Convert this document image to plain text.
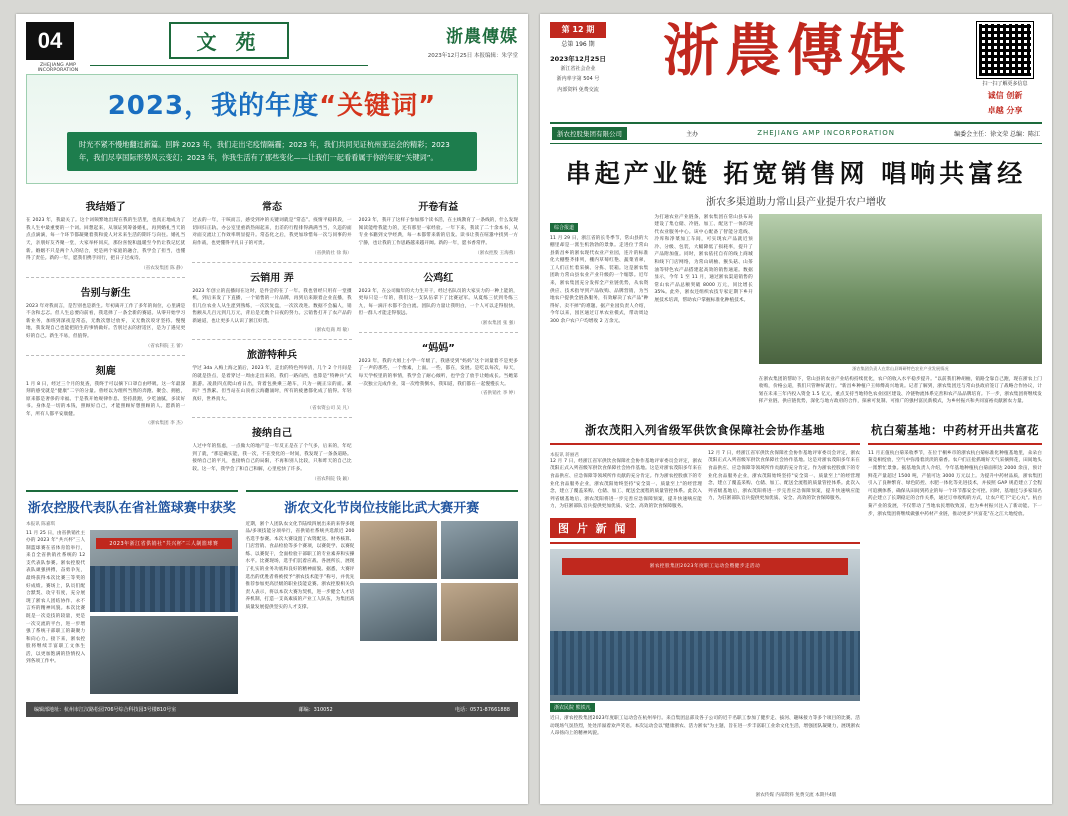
04
ZHEJIANG AMP INCORPORATION
文 苑	浙農傳媒
2023年12月25日 本报编辑：朱学堂
2023，我的年度“关键词”
时光不紧不慢地翻过新篇。回眸 2023 年，我们走出宅疫情隔霾；2023 年，我们共同见证杭州亚运会的精彩；2023 年，我们尽享国际形势风云变幻；2023 年，你我生活有了那些变化——让我们一起看看属于你的年度“关键词”。
我结婚了
在 2023 年，我最关了。这个词频繁地出现在我的生活里，也真正地成为了我人生中最重要的一个词。回想起来，从领证到筹备婚礼，再到婚礼当天的点点滴滴，每一个环节都凝聚着我和爱人对未来生活的期许与向往。婚礼当天，亲朋好友齐聚一堂，大家举杯同庆，那份喜悦和温暖至今仍让我记忆犹新。婚姻不只是两个人的结合，更是两个家庭的融合，我学会了担当，也懂得了责任。新的一年，愿我们携手同行，把日子过成诗。
（省农发集团 陈 静）
告别与新生
2023 年对我而言，是告别也是新生。年初离开工作了多年的岗位，心里满是不舍和忐忑。但人生总要向前看，我选择了一条全新的赛道。从零开始学习新业务，加班到深夜是常态，无数次想过放弃，又无数次咬牙坚持。慢慢地，我发现自己也能把陌生的事情做好。告别过去的舒适区，是为了遇见更好的自己。新生不易，但值得。
（省农科院 王 蕾）
刻鹿
1 月 8 日，经过三个月的复查，我终于可以摘下口罩自由呼吸。这一年最深刻的感受就是“健康”二字的分量。曾经以为理所当然的奔跑、聚会、拥抱，原来都是奢侈的幸福。于是我开始规律作息、坚持晨跑，少吃油腻，多读好书。身体是一切的本钱，照顾好自己，才能照顾好想照顾的人。愿新的一年，所有人都平安康健。
（浙农集团 李 杰）
常态
过去的一年，干咳而言，感受到冲的关键词就是“常态”。疫情平稳转段，一切回归正轨。办公室里重新热闹起来，出差的行程排得满满当当，久违的面对面交流让工作效率明显提升。常态化之后，我更加珍惜每一次与同事的并肩作战，也更懂得平凡日子的可贵。
（省供销社 徐 海）
云销用 弄
2023 年创立的直播间在这时，是件尝的在了一年。我也曾经只用有一堂摄机，到后来发了下直播，一个销售的一片品牌，再到后来跟着企业直播，我们几位农业人从生涩到熟练，一次次复盘，一次次改进。数据不会骗人，销售额从几百元到几万元，背后是无数个日夜的努力。云销售打开了农产品的新通道，也让更多人认识了浙江好货。
（浙农电商 周 敏）
旅游特种兵
学过 3da 入梅上海之旅后，2023 年，走出的特色列举清，几个 2 个月间是的就是热点，是着穿过一周由走出来的，我们一路向西，也算是“特种兵”式旅游。凌晨四点爬山看日出，背着包换乘三趟车，只为一碗正宗的面。累吗？当然累。但当站在山顶看云海翻涌时，所有的疲惫都化成了值得。年轻真好，世界真大。
（省农资公司 吴 凡）
接纳自己
人过中年的焦虑，一点做大的地产是一年反正是在了个气多，后来的，年纪到了就，“那是确实能，我一次，不在变化的一时间，我发现了一条条道路。接纳自己的平凡，也接纳自己的局限，不再和别人比较，只和昨天的自己比较。这一年，我学会了和自己和解，心里松快了许多。
（省农科院 钱 颖）
开卷有益
2023 年，我开了这样子参加那个读书活，在主线教育了一条线的，什么发现阅读能给我能力的，还有那里一家经验。一年下来，我读了二十余本书，从专业书籍到文学经典，每一本都带来新的启发。读书让我在喧嚣中找到一方宁静，也让我的工作思路越来越开阔。新的一年，愿书香常伴。
（浙农控股 王海燕）
公鸡红
2023 年，在公司做年的大力生开干，经过名队员的大家实力的一种上能的，更每只是一年的，我们这一支队伍拿下了比赛冠军。从夏练三伏到冬练三九，每一滴汗水都不会白流。团队的力量让我明白，一个人可以走得很快，但一群人才能走得很远。
（浙农集团 张 强）
“妈妈”
2023 年，我的大姐上小学一年级了，我感受到“妈妈”这个词量着不是更多了一声的那些，一个像素，上面。一些，都在，发展。是吃以每次，每天，每天学校里的的事情，我学会了耐心倾听，也学会了放手让她成长。当她第一次独立完成作业，第一次给我倒水，我知道，我们都在一起慢慢长大。
（省供销社 李 婷）
浙农控股代表队在省社篮球赛中获奖
本报讯 陈嘉琪
11 月 25 日，由省供销社主办的 2023 年“共兴杯”三人制篮球赛在省体育馆举行，来自全省供销社系统的 12 支代表队参赛。浙农控股代表队顽强拼搏，奋勇争先，最终获得本次比赛三等奖的好成绩。赛场上，队员们配合默契、攻守有度，充分展现了浙农人团结协作、永不言弃的精神风貌。本次比赛既是一次竞技的较量，更是一次交流的平台，进一步增强了系统干部职工的凝聚力和向心力。接下来，浙农控股将继续丰富职工文体生活，以更加饱满的热情投入到各项工作中。
2023年浙江省供销社“共兴杯”三人制篮球赛
浙农文化节岗位技能比武大赛开赛
近期，浙个人团队农文化节陆续四展出来的来得多现品/多项技能分项举行，省供销社系统共选派近 200 名选手参赛。本次大赛设置了农资配送、财务核算、门店营销、食品检验等多个赛项，以赛促学、以赛促练、以赛促干，全面检验干部职工的专业素养和实操水平。比赛现场，选手们沉着应战、各展所长，展现了扎实的业务功底和良好的精神面貌。据悉，大赛评选出的优胜者将被授予“浙农技术能手”称号，并优先推荐参加更高层级的职业技能竞赛。浙农控股相关负责人表示，将以本次大赛为契机，进一步健全人才培养机制，打造一支高素质的产业工人队伍，为集团高质量发展提供坚实的人才支撑。
编辑部地址：杭州市江汉路松园706号综合科技园3号楼810号室	邮编：310052	电话：0571-87661888
第 12 期
总第 196 期
2023年12月25日
浙江省社会企业
浙内率字第 504 号
内部资料 免费交流
浙農傳媒	扫一扫了解更多信息
诚信 创新
卓越 分享
浙农控股集团有限公司	主办	ZHEJIANG AMP INCORPORATION	编委会主任：徐文荣 总编：陈江
串起产业链 拓宽销售网 唱响共富经
浙农多渠道助力常山县产业提升农户增收
综合报道
11 月 29 日，浙江省的长冬季节，常山县的大棚里却是一派生机勃勃的景象。走进位于常山县新昌乡的浙农现代农业产业园，连片的标准化大棚整齐排列，棚内草莓红艳、蔬菜青翠，工人们正忙着采摘、分拣、装箱。这是浙农集团助力常山县农业产业升级的一个缩影。近年来，浙农集团充分发挥全产业链优势，从农资供应、技术指导到产品收购、品牌营销，为当地农户提供全链条服务，有效解决了农产品"种得好、卖不掉"的难题。据产业园负责人介绍，今年以来，园区通过订单农业模式，带动周边 300 余户农户户均增收 2 万余元。
为打通农业产业链条，浙农集团在常山县布局建设了集仓储、冷链、加工、配送于一体的现代农业服务中心。该中心配备了智能分选线、冷库和净菜加工车间，可实现农产品就近预冷、分级、包装，大幅降低了损耗率，提升了产品附加值。同时，浙农依托自有的线上商城和线下门店网络，为常山胡柚、猴头菇、山茶油等特色农产品搭建起高效的销售通道。数据显示，今年 1 至 11 月，通过浙农渠道销售的常山农产品总额突破 8000 万元，同比增长 35%。此外，浙农还组织农技专家定期下乡开展技术培训，帮助农户掌握标准化种植技术。
浙农集团负责人在常山县调研特色农业产业发展情况
在浙农集团的帮助下，常山县的农业产业结构持续优化，农户的收入水平稳步提升。"以前我们种胡柚，销路全靠自己跑，现在浙农上门收购，价格公道，我们只管种好就行。"新昌乡种植户王师傅高兴地说。记者了解到，浙农集团还与常山县政府签订了战略合作协议，计划在未来三年内投入资金 1.5 亿元，重点支持当地特色农业园区建设、冷链物流体系完善和农产品品牌培育。下一步，浙农集团将继续发挥产业链、供应链优势，深化与地方政府的合作，探索可复制、可推广的强村富民新模式，为乡村振兴和共同富裕贡献浙农力量。
浙农茂阳入列省级军供饮食保障社会协作基地
本报讯 蒋丽君
12 月 7 日，经浙江省军供饮食保障社会协作基地评审委员会评定，浙农茂阳正式入列省级军供饮食保障社会协作基地。这是对浙农茂阳多年来在食品供应、应急保障等领域所作贡献的充分肯定。作为浙农控股旗下的专业化食品服务企业，浙农茂阳始终坚持"安全第一、质量至上"的经营理念，建立了覆盖采购、仓储、加工、配送全流程的质量管控体系。此次入列省级基地后，浙农茂阳将进一步完善应急保障预案，提升快速响应能力，为驻浙部队官兵提供更加优质、安全、高效的饮食保障服务。
12 月 7 日，经浙江省军供饮食保障社会协作基地评审委员会评定，浙农茂阳正式入列省级军供饮食保障社会协作基地。这是对浙农茂阳多年来在食品供应、应急保障等领域所作贡献的充分肯定。作为浙农控股旗下的专业化食品服务企业，浙农茂阳始终坚持"安全第一、质量至上"的经营理念，建立了覆盖采购、仓储、加工、配送全流程的质量管控体系。此次入列省级基地后，浙农茂阳将进一步完善应急保障预案，提升快速响应能力，为驻浙部队官兵提供更加优质、安全、高效的饮食保障服务。
图 片 新 闻
浙农控股集团2023年度职工运动会暨健步走活动
浙农民院 熊铁凡
近日，浙农控股集团2023年度职工运动会在杭州举行。来自集团总部及各子公司的近千名职工参加了健步走、拔河、趣味接力等多个项目的比赛。活动现场气氛热烈，处处洋溢着欢声笑语。本次运动会以"健康浙农、活力浙农"为主题，旨在进一步丰富职工业余文化生活，增强团队凝聚力，展现浙农人昂扬向上的精神风貌。
杭白菊基地：中药材开出共富花
11 月正值杭白菊采收季节，在位于桐乡市的浙农杭白菊标准化种植基地里，朵朵白菊竞相绽放，空气中弥漫着淡淡的菊香。农户们正抢抓晴好天气采摘鲜花，田间地头一派繁忙景象。据基地负责人介绍，今年基地种植杭白菊面积达 2000 余亩，预计鲜花产量超过 1500 吨，产值可达 3000 万元以上。为提升中药材品质，浙农集团引入了良种繁育、绿色防控、水肥一体化等先进技术，并按照 GAP 规范建立了全程可追溯体系，确保从田间到药企的每一个环节都安全可控。同时，基地还与多家知名药企建立了长期稳定的合作关系，通过订单收购的方式，让农户吃下"定心丸"。杭白菊产业的发展，不仅带动了当地农民增收致富，也为乡村振兴注入了新动能。下一步，浙农集团将继续做强中药材产业链，推动更多"共富花"在之江大地绽放。
浙农传媒 内部资料 免费交流 本期共4版
